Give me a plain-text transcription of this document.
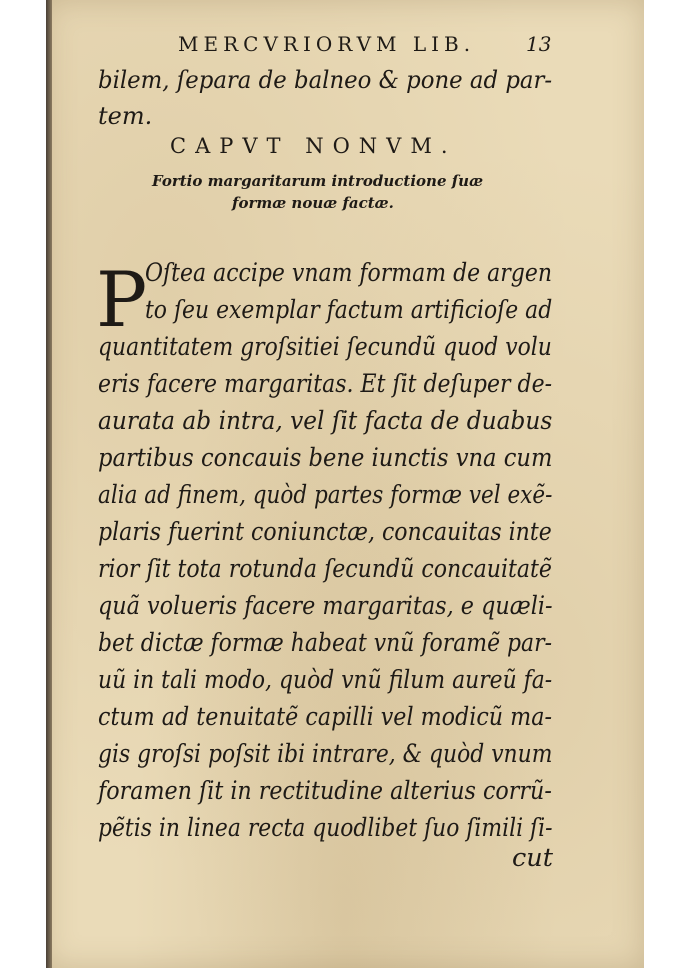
MERCVRIORVM LIB.	13
bilem, ſepara de balneo & pone ad par-
tem.
CAPVT NONVM.
Fortio margaritarum introductione ſuæ
formæ nouæ factæ.
P
Oſtea accipe vnam formam de argen
to ſeu exemplar factum artificioſe ad
quantitatem groſsitiei ſecundũ quod volu
eris facere margaritas. Et ſit deſuper de-
aurata ab intra, vel ſit facta de duabus
partibus concauis bene iunctis vna cum
alia ad finem, quòd partes formæ vel exẽ-
plaris fuerint coniunctæ, concauitas inte
rior ſit tota rotunda ſecundũ concauitatẽ
quã volueris facere margaritas, e quæli-
bet dictæ formæ habeat vnũ foramẽ par-
uũ in tali modo, quòd vnũ filum aureũ fa-
ctum ad tenuitatẽ capilli vel modicũ ma-
gis groſsi poſsit ibi intrare, & quòd vnum
foramen ſit in rectitudine alterius corrũ-
pẽtis in linea recta quodlibet ſuo ſimili ſi-
cut
